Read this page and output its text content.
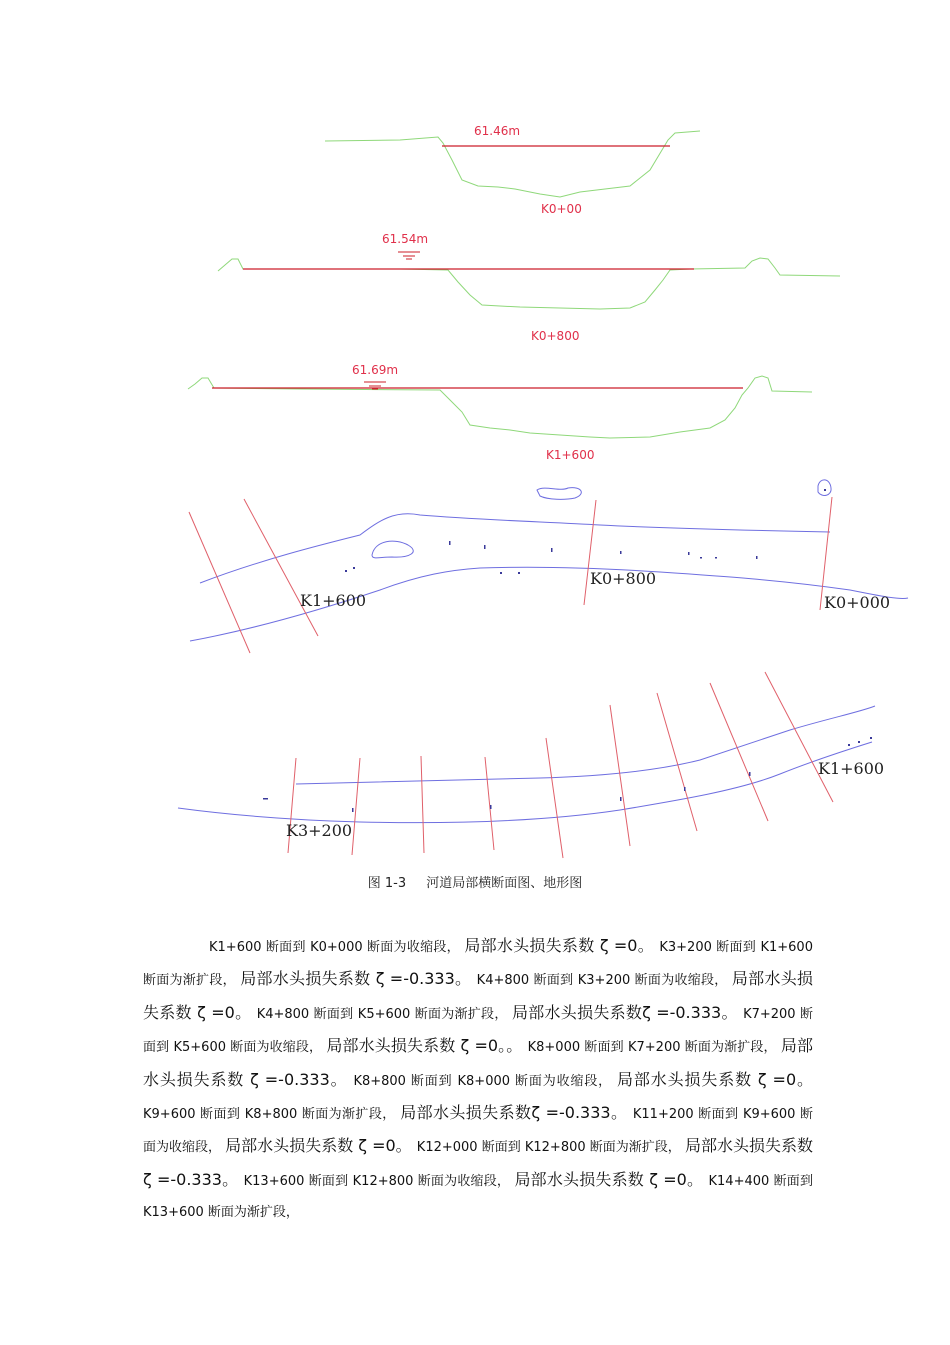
61.46m
K0+00
61.54m
K0+800
61.69m
K1+600
K1+600
K0+800
K0+000
K1+600
K3+200
图 1-3 河道局部横断面图、地形图
K1+600 断面到 K0+000 断面为收缩段， 局部水头损失系数 ζ =0。 K3+200 断面到 K1+600 断面为渐扩段， 局部水头损失系数 ζ =-0.333。 K4+800 断面到 K3+200 断面为收缩段， 局部水头损失系数 ζ =0。 K4+800 断面到 K5+600 断面为渐扩段， 局部水头损失系数ζ =-0.333。 K7+200 断面到 K5+600 断面为收缩段， 局部水头损失系数 ζ =0。。 K8+000 断面到 K7+200 断面为渐扩段， 局部水头损失系数 ζ =-0.333。 K8+800 断面到 K8+000 断面为收缩段， 局部水头损失系数 ζ =0。 K9+600 断面到 K8+800 断面为渐扩段， 局部水头损失系数ζ =-0.333。 K11+200 断面到 K9+600 断面为收缩段， 局部水头损失系数 ζ =0。 K12+000 断面到 K12+800 断面为渐扩段， 局部水头损失系数 ζ =-0.333。 K13+600 断面到 K12+800 断面为收缩段， 局部水头损失系数 ζ =0。 K14+400 断面到 K13+600 断面为渐扩段，
